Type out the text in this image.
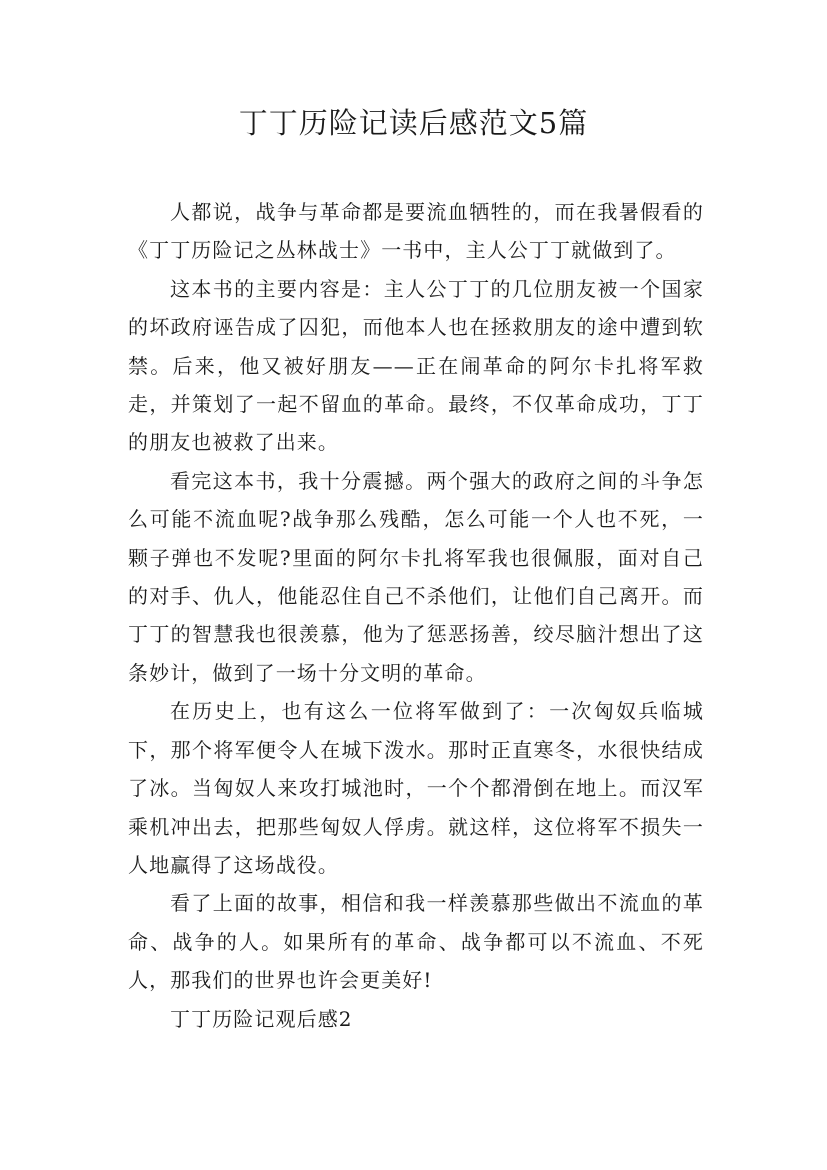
丁丁历险记读后感范文5篇

人都说，战争与革命都是要流血牺牲的，而在我暑假看的《丁丁历险记之丛林战士》一书中，主人公丁丁就做到了。

这本书的主要内容是：主人公丁丁的几位朋友被一个国家的坏政府诬告成了囚犯，而他本人也在拯救朋友的途中遭到软禁。后来，他又被好朋友——正在闹革命的阿尔卡扎将军救走，并策划了一起不留血的革命。最终，不仅革命成功，丁丁的朋友也被救了出来。

看完这本书，我十分震撼。两个强大的政府之间的斗争怎么可能不流血呢?战争那么残酷，怎么可能一个人也不死，一颗子弹也不发呢?里面的阿尔卡扎将军我也很佩服，面对自己的对手、仇人，他能忍住自己不杀他们，让他们自己离开。而丁丁的智慧我也很羡慕，他为了惩恶扬善，绞尽脑汁想出了这条妙计，做到了一场十分文明的革命。

在历史上，也有这么一位将军做到了：一次匈奴兵临城下，那个将军便令人在城下泼水。那时正直寒冬，水很快结成了冰。当匈奴人来攻打城池时，一个个都滑倒在地上。而汉军乘机冲出去，把那些匈奴人俘虏。就这样，这位将军不损失一人地赢得了这场战役。

看了上面的故事，相信和我一样羡慕那些做出不流血的革命、战争的人。如果所有的革命、战争都可以不流血、不死人，那我们的世界也许会更美好!

丁丁历险记观后感2
